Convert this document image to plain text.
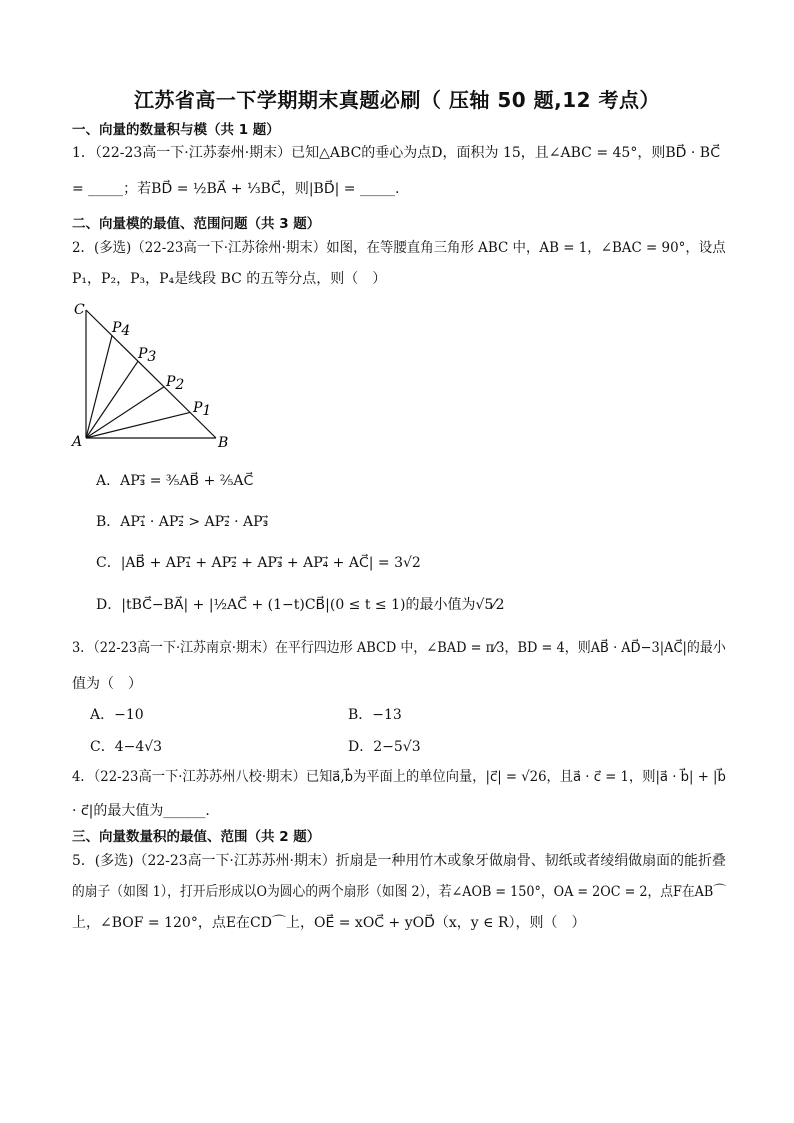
江苏省高一下学期期末真题必刷（ 压轴 50 题,12 考点）
一、向量的数量积与模（共 1 题）
1．（22-23高一下·江苏泰州·期末）已知△ABC的垂心为点D，面积为 15，且∠ABC = 45°，则BD⃗ · BC⃗
= _____；若BD⃗ = ½BA⃗ + ⅓BC⃗，则|BD⃗| = _____.
二、向量模的最值、范围问题（共 3 题）
2．(多选)（22-23高一下·江苏徐州·期末）如图，在等腰直角三角形 ABC 中，AB = 1，∠BAC = 90°，设点
P₁，P₂，P₃，P₄是线段 BC 的五等分点，则（　）
C
P4
P3
P2
P1
A	B
A．AP₃⃗ = ³⁄₅AB⃗ + ²⁄₅AC⃗
B．AP₁⃗ · AP₂⃗ > AP₂⃗ · AP₃⃗
C．|AB⃗ + AP₁⃗ + AP₂⃗ + AP₃⃗ + AP₄⃗ + AC⃗| = 3√2
D．|tBC⃗−BA⃗| + |½AC⃗ + (1−t)CB⃗|(0 ≤ t ≤ 1)的最小值为√5⁄2
3．（22-23高一下·江苏南京·期末）在平行四边形 ABCD 中，∠BAD = π⁄3，BD = 4，则AB⃗ · AD⃗−3|AC⃗|的最小
值为（　）
A．−10	B．−13
C．4−4√3	D．2−5√3
4．（22-23高一下·江苏苏州八校·期末）已知a⃗,b⃗为平面上的单位向量，|c⃗| = √26，且a⃗ · c⃗ = 1，则|a⃗ · b⃗| + |b⃗
· c⃗|的最大值为______.
三、向量数量积的最值、范围（共 2 题）
5．(多选)（22-23高一下·江苏苏州·期末）折扇是一种用竹木或象牙做扇骨、韧纸或者绫绢做扇面的能折叠
的扇子（如图 1），打开后形成以O为圆心的两个扇形（如图 2），若∠AOB = 150°，OA = 2OC = 2，点F在AB⌒
上，∠BOF = 120°，点E在CD⌒上，OE⃗ = xOC⃗ + yOD⃗（x，y ∈ R），则（　）
